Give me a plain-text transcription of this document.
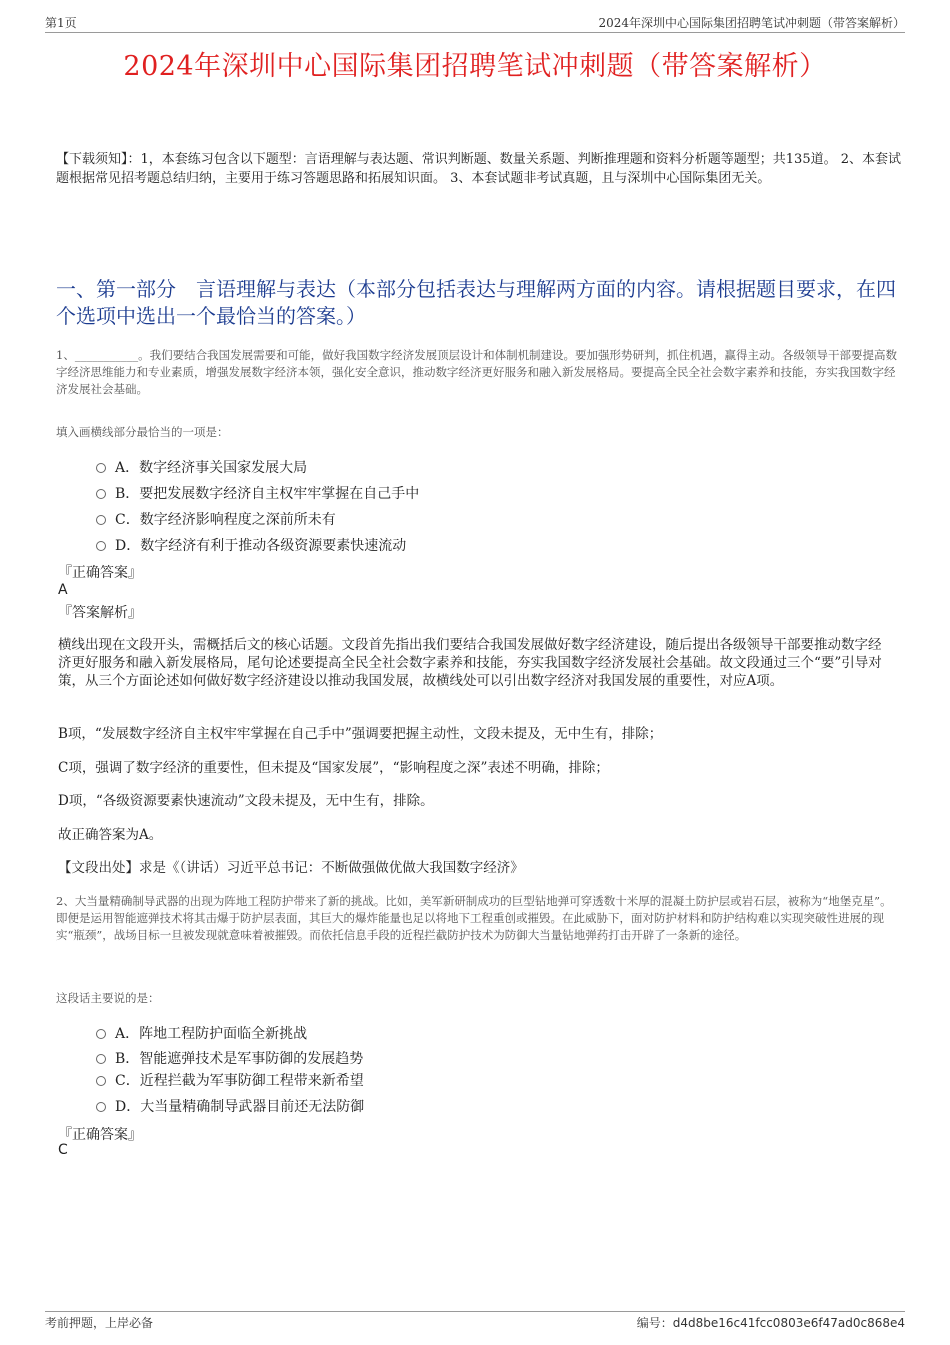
第1页	2024年深圳中心国际集团招聘笔试冲刺题（带答案解析）
2024年深圳中心国际集团招聘笔试冲刺题（带答案解析）
【下载须知】：1，本套练习包含以下题型：言语理解与表达题、常识判断题、数量关系题、判断推理题和资料分析题等题型；共135道。 2、本套试题根据常见招考题总结归纳，主要用于练习答题思路和拓展知识面。 3、本套试题非考试真题，且与深圳中心国际集团无关。
一、第一部分　言语理解与表达（本部分包括表达与理解两方面的内容。请根据题目要求，在四个选项中选出一个最恰当的答案。）
1、___________。我们要结合我国发展需要和可能，做好我国数字经济发展顶层设计和体制机制建设。要加强形势研判，抓住机遇，赢得主动。各级领导干部要提高数字经济思维能力和专业素质，增强发展数字经济本领，强化安全意识，推动数字经济更好服务和融入新发展格局。要提高全民全社会数字素养和技能，夯实我国数字经济发展社会基础。
填入画横线部分最恰当的一项是：
A．数字经济事关国家发展大局
B．要把发展数字经济自主权牢牢掌握在自己手中
C．数字经济影响程度之深前所未有
D．数字经济有利于推动各级资源要素快速流动
『正确答案』
A
『答案解析』
横线出现在文段开头，需概括后文的核心话题。文段首先指出我们要结合我国发展做好数字经济建设，随后提出各级领导干部要推动数字经济更好服务和融入新发展格局，尾句论述要提高全民全社会数字素养和技能，夯实我国数字经济发展社会基础。故文段通过三个“要”引导对策，从三个方面论述如何做好数字经济建设以推动我国发展，故横线处可以引出数字经济对我国发展的重要性，对应A项。
B项，“发展数字经济自主权牢牢掌握在自己手中”强调要把握主动性，文段未提及，无中生有，排除；
C项，强调了数字经济的重要性，但未提及“国家发展”，“影响程度之深”表述不明确，排除；
D项，“各级资源要素快速流动”文段未提及，无中生有，排除。
故正确答案为A。
【文段出处】求是《（讲话）习近平总书记：不断做强做优做大我国数字经济》
2、大当量精确制导武器的出现为阵地工程防护带来了新的挑战。比如，美军新研制成功的巨型钻地弹可穿透数十米厚的混凝土防护层或岩石层，被称为“地堡克星”。即便是运用智能遮弹技术将其击爆于防护层表面，其巨大的爆炸能量也足以将地下工程重创或摧毁。在此威胁下，面对防护材料和防护结构难以实现突破性进展的现实“瓶颈”，战场目标一旦被发现就意味着被摧毁。而依托信息手段的近程拦截防护技术为防御大当量钻地弹药打击开辟了一条新的途径。
这段话主要说的是：
A．阵地工程防护面临全新挑战
B．智能遮弹技术是军事防御的发展趋势
C．近程拦截为军事防御工程带来新希望
D．大当量精确制导武器目前还无法防御
『正确答案』
C
考前押题，上岸必备	编号：d4d8be16c41fcc0803e6f47ad0c868e4
